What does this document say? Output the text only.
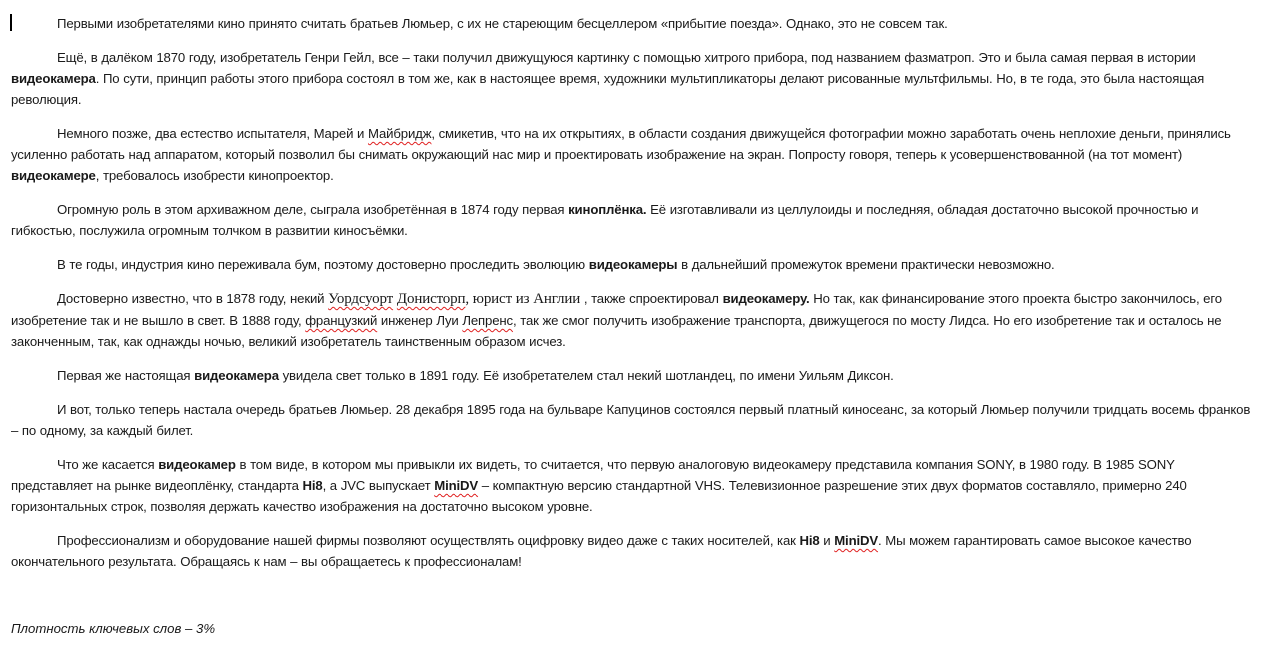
Первыми изобретателями кино принято считать братьев Люмьер, с их не стареющим бесцеллером «прибытие поезда». Однако, это не совсем так.

Ещё, в далёком 1870 году, изобретатель Генри Гейл, все – таки получил движущуюся картинку с помощью хитрого прибора, под названием фазматроп. Это и была самая первая в истории видеокамера. По сути, принцип работы этого прибора состоял в том же, как в настоящее время, художники мультипликаторы делают рисованные мультфильмы. Но, в те года, это была настоящая революция.

Немного позже, два естество испытателя, Марей и Майбридж, смикетив, что на их открытиях, в области создания движущейся фотографии можно заработать очень неплохие деньги, принялись усиленно работать над аппаратом, который позволил бы снимать окружающий нас мир и проектировать изображение на экран. Попросту говоря, теперь к усовершенствованной (на тот момент) видеокамере, требовалось изобрести кинопроектор.

Огромную роль в этом архиважном деле, сыграла изобретённая в 1874 году первая киноплёнка. Её изготавливали из целлулоиды и последняя, обладая достаточно высокой прочностью и гибкостью, послужила огромным толчком в развитии киносъёмки.

В те годы, индустрия кино переживала бум, поэтому достоверно проследить эволюцию видеокамеры в дальнейший промежуток времени практически невозможно.

Достоверно известно, что в 1878 году, некий Уордсуорт Донисторп, юрист из Англии , также спроектировал видеокамеру. Но так, как финансирование этого проекта быстро закончилось, его изобретение так и не вышло в свет. В 1888 году, французкий инженер Луи Лепренс, так же смог получить изображение транспорта, движущегося по мосту Лидса. Но его изобретение так и осталось не законченным, так, как однажды ночью, великий изобретатель таинственным образом исчез.

Первая же настоящая видеокамера увидела свет только в 1891 году. Её изобретателем стал некий шотландец, по имени Уильям Диксон.

И вот, только теперь настала очередь братьев Люмьер. 28 декабря 1895 года на бульваре Капуцинов состоялся первый платный киносеанс, за который Люмьер получили тридцать восемь франков – по одному, за каждый билет.

Что же касается видеокамер в том виде, в котором мы привыкли их видеть, то считается, что первую аналоговую видеокамеру представила компания SONY, в 1980 году. В 1985 SONY представляет на рынке видеоплёнку, стандарта Hi8, а JVC выпускает MiniDV – компактную версию стандартной VHS. Телевизионное разрешение этих двух форматов составляло, примерно 240 горизонтальных строк, позволяя держать качество изображения на достаточно высоком уровне.

Профессионализм и оборудование нашей фирмы позволяют осуществлять оцифровку видео даже с таких носителей, как Hi8 и MiniDV. Мы можем гарантировать самое высокое качество окончательного результата. Обращаясь к нам – вы обращаетесь к профессионалам!

Плотность ключевых слов – 3%
